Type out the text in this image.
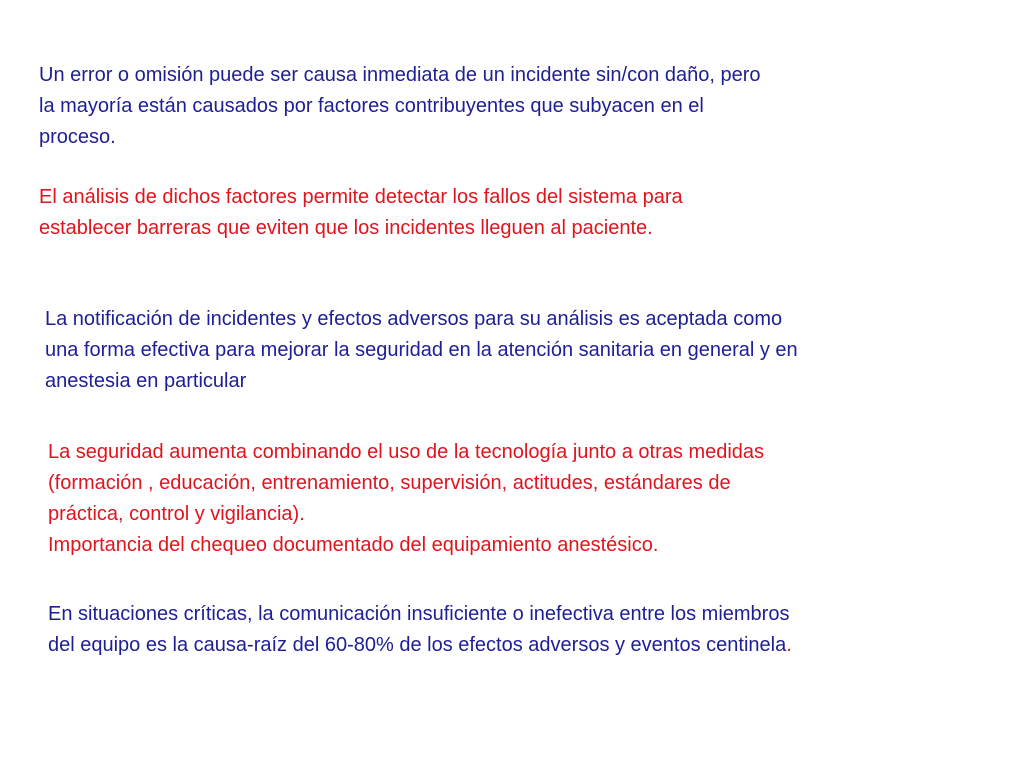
Un error o omisión puede ser causa inmediata de un incidente sin/con daño, pero
la mayoría están causados por factores contribuyentes que subyacen en el
proceso.

El análisis de dichos factores permite detectar los fallos del sistema para
establecer barreras que eviten que los incidentes lleguen al paciente.

La notificación de incidentes y efectos adversos para su análisis es aceptada como
una forma efectiva para mejorar la seguridad en la atención sanitaria en general y en
anestesia en particular

La seguridad aumenta combinando el uso de la tecnología junto a otras medidas
(formación , educación, entrenamiento, supervisión, actitudes, estándares de
práctica, control y vigilancia).

Importancia del chequeo documentado del equipamiento anestésico.

En situaciones críticas, la comunicación insuficiente o inefectiva entre los miembros
del equipo es la causa-raíz del 60-80% de los efectos adversos y eventos centinela.
